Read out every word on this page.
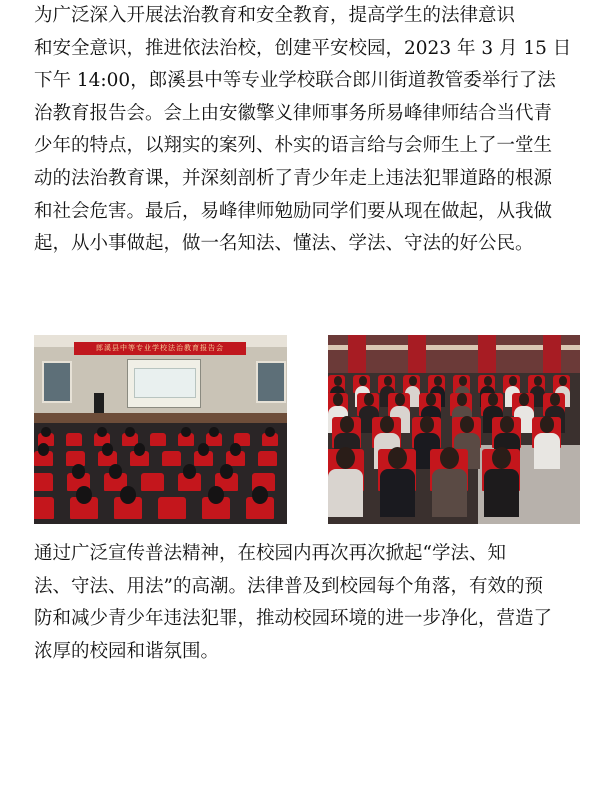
为广泛深入开展法治教育和安全教育，提高学生的法律意识
和安全意识，推进依法治校，创建平安校园，2023 年 3 月 15 日
下午 14:00，郎溪县中等专业学校联合郎川街道教管委举行了法
治教育报告会。会上由安徽擎义律师事务所易峰律师结合当代青
少年的特点，以翔实的案列、朴实的语言给与会师生上了一堂生
动的法治教育课，并深刻剖析了青少年走上违法犯罪道路的根源
和社会危害。最后，易峰律师勉励同学们要从现在做起，从我做
起，从小事做起，做一名知法、懂法、学法、守法的好公民。
郎溪县中等专业学校法治教育报告会
通过广泛宣传普法精神，在校园内再次再次掀起“学法、知
法、守法、用法”的高潮。法律普及到校园每个角落，有效的预
防和减少青少年违法犯罪，推动校园环境的进一步净化，营造了
浓厚的校园和谐氛围。
